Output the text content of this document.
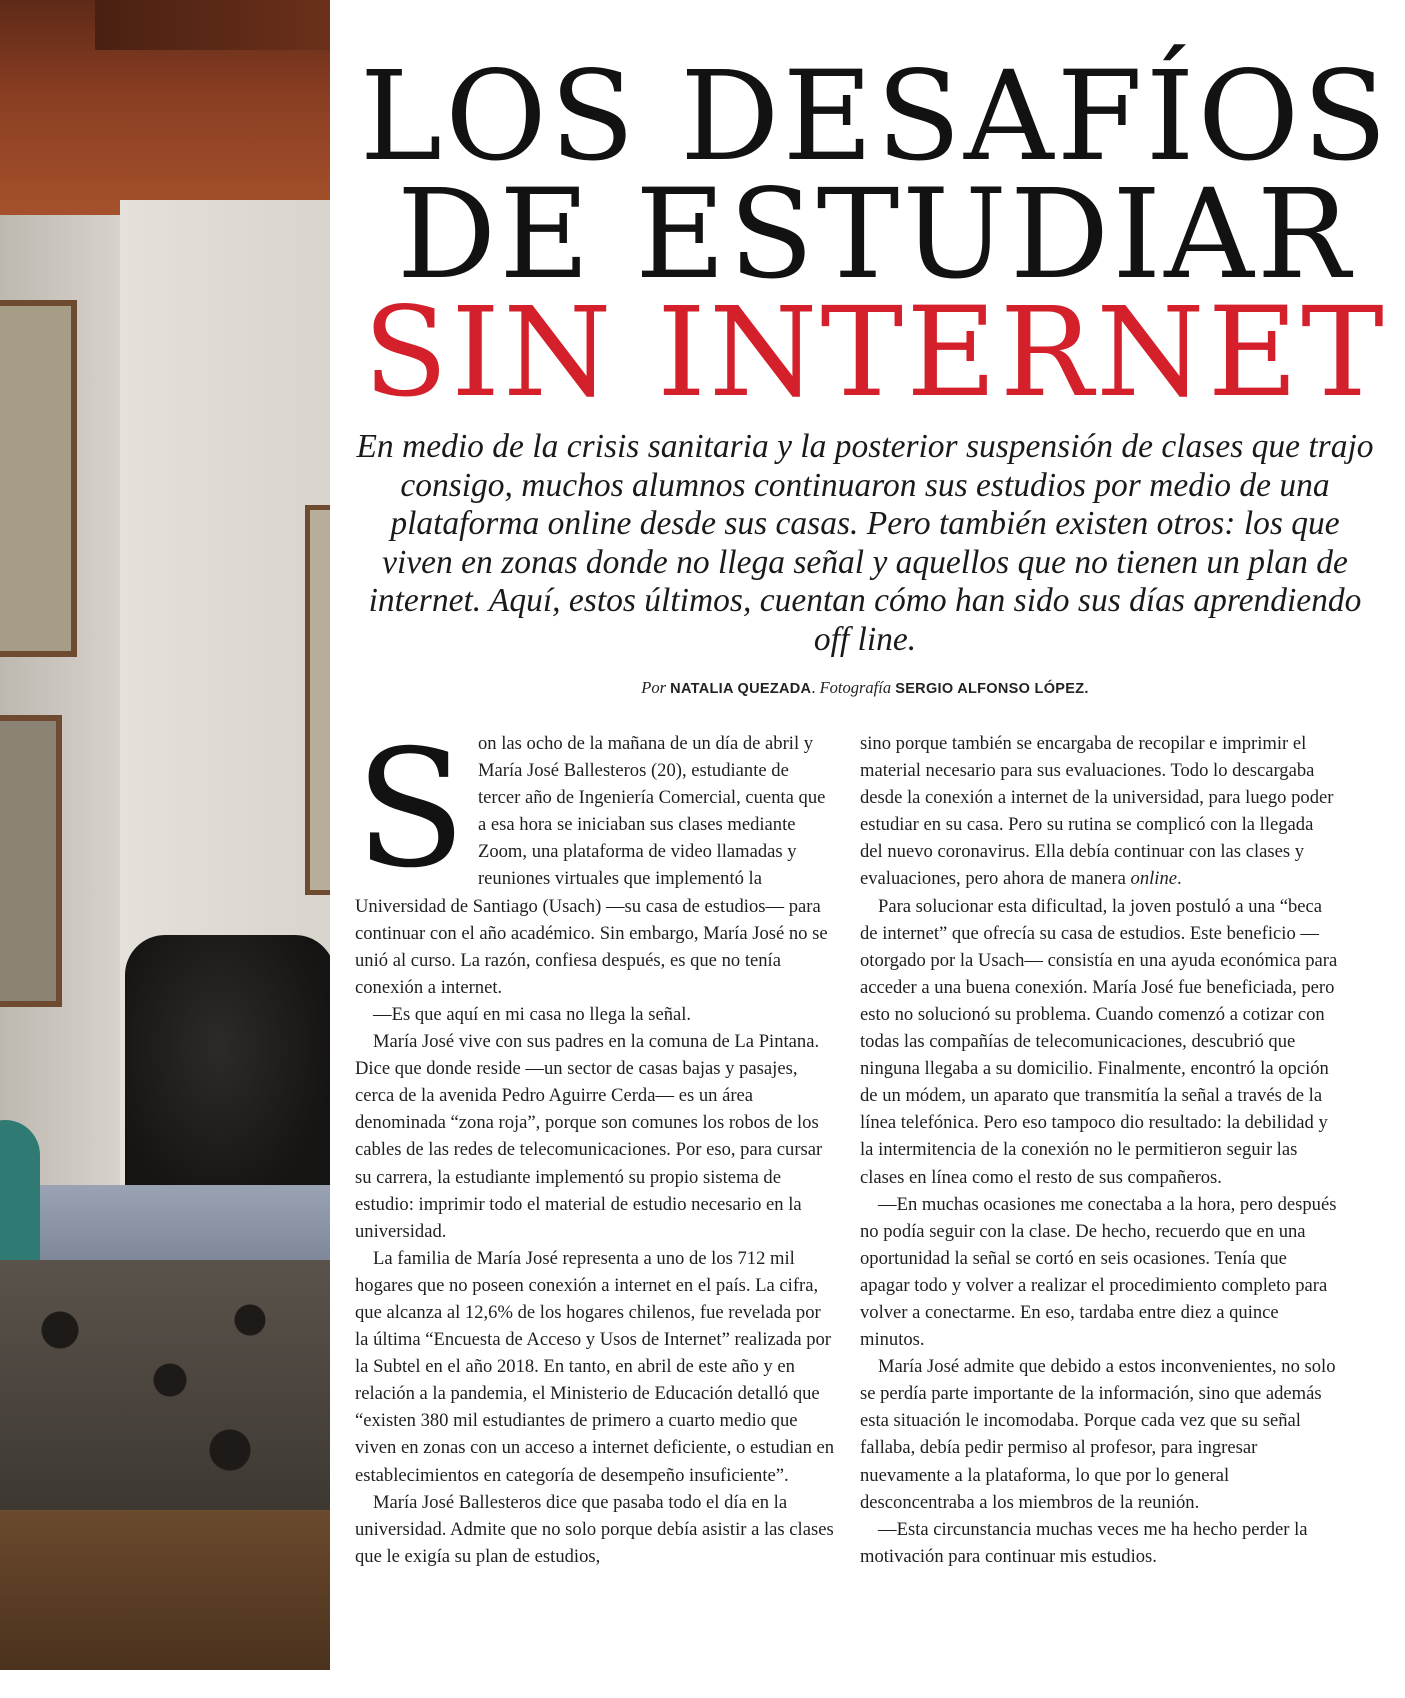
LOS DESAFÍOS
DE ESTUDIAR
SIN INTERNET

En medio de la crisis sanitaria y la posterior suspensión de clases que trajo consigo, muchos alumnos continuaron sus estudios por medio de una plataforma online desde sus casas. Pero también existen otros: los que viven en zonas donde no llega señal y aquellos que no tienen un plan de internet. Aquí, estos últimos, cuentan cómo han sido sus días aprendiendo off line.

Por NATALIA QUEZADA. Fotografía SERGIO ALFONSO LÓPEZ.
S on las ocho de la mañana de un día de abril y María José Ballesteros (20), estudiante de tercer año de Ingeniería Comercial, cuenta que a esa hora se iniciaban sus clases mediante Zoom, una plataforma de video llamadas y reuniones virtuales que implementó la Universidad de Santiago (Usach) —su casa de estudios— para continuar con el año académico. Sin embargo, María José no se unió al curso. La razón, confiesa después, es que no tenía conexión a internet.

—Es que aquí en mi casa no llega la señal.

María José vive con sus padres en la comuna de La Pintana. Dice que donde reside —un sector de casas bajas y pasajes, cerca de la avenida Pedro Aguirre Cerda— es un área denominada “zona roja”, porque son comunes los robos de los cables de las redes de telecomunicaciones. Por eso, para cursar su carrera, la estudiante implementó su propio sistema de estudio: imprimir todo el material de estudio necesario en la universidad.

La familia de María José representa a uno de los 712 mil hogares que no poseen conexión a internet en el país. La cifra, que alcanza al 12,6% de los hogares chilenos, fue revelada por la última “Encuesta de Acceso y Usos de Internet” realizada por la Subtel en el año 2018. En tanto, en abril de este año y en relación a la pandemia, el Ministerio de Educación detalló que “existen 380 mil estudiantes de primero a cuarto medio que viven en zonas con un acceso a internet deficiente, o estudian en establecimientos en categoría de desempeño insuficiente”.

María José Ballesteros dice que pasaba todo el día en la universidad. Admite que no solo porque debía asistir a las clases que le exigía su plan de estudios,

sino porque también se encargaba de recopilar e imprimir el material necesario para sus evaluaciones. Todo lo descargaba desde la conexión a internet de la universidad, para luego poder estudiar en su casa. Pero su rutina se complicó con la llegada del nuevo coronavirus. Ella debía continuar con las clases y evaluaciones, pero ahora de manera online.

Para solucionar esta dificultad, la joven postuló a una “beca de internet” que ofrecía su casa de estudios. Este beneficio —otorgado por la Usach— consistía en una ayuda económica para acceder a una buena conexión. María José fue beneficiada, pero esto no solucionó su problema. Cuando comenzó a cotizar con todas las compañías de telecomunicaciones, descubrió que ninguna llegaba a su domicilio. Finalmente, encontró la opción de un módem, un aparato que transmitía la señal a través de la línea telefónica. Pero eso tampoco dio resultado: la debilidad y la intermitencia de la conexión no le permitieron seguir las clases en línea como el resto de sus compañeros.

—En muchas ocasiones me conectaba a la hora, pero después no podía seguir con la clase. De hecho, recuerdo que en una oportunidad la señal se cortó en seis ocasiones. Tenía que apagar todo y volver a realizar el procedimiento completo para volver a conectarme. En eso, tardaba entre diez a quince minutos.

María José admite que debido a estos inconvenientes, no solo se perdía parte importante de la información, sino que además esta situación le incomodaba. Porque cada vez que su señal fallaba, debía pedir permiso al profesor, para ingresar nuevamente a la plataforma, lo que por lo general desconcentraba a los miembros de la reunión.

—Esta circunstancia muchas veces me ha hecho perder la motivación para continuar mis estudios.
